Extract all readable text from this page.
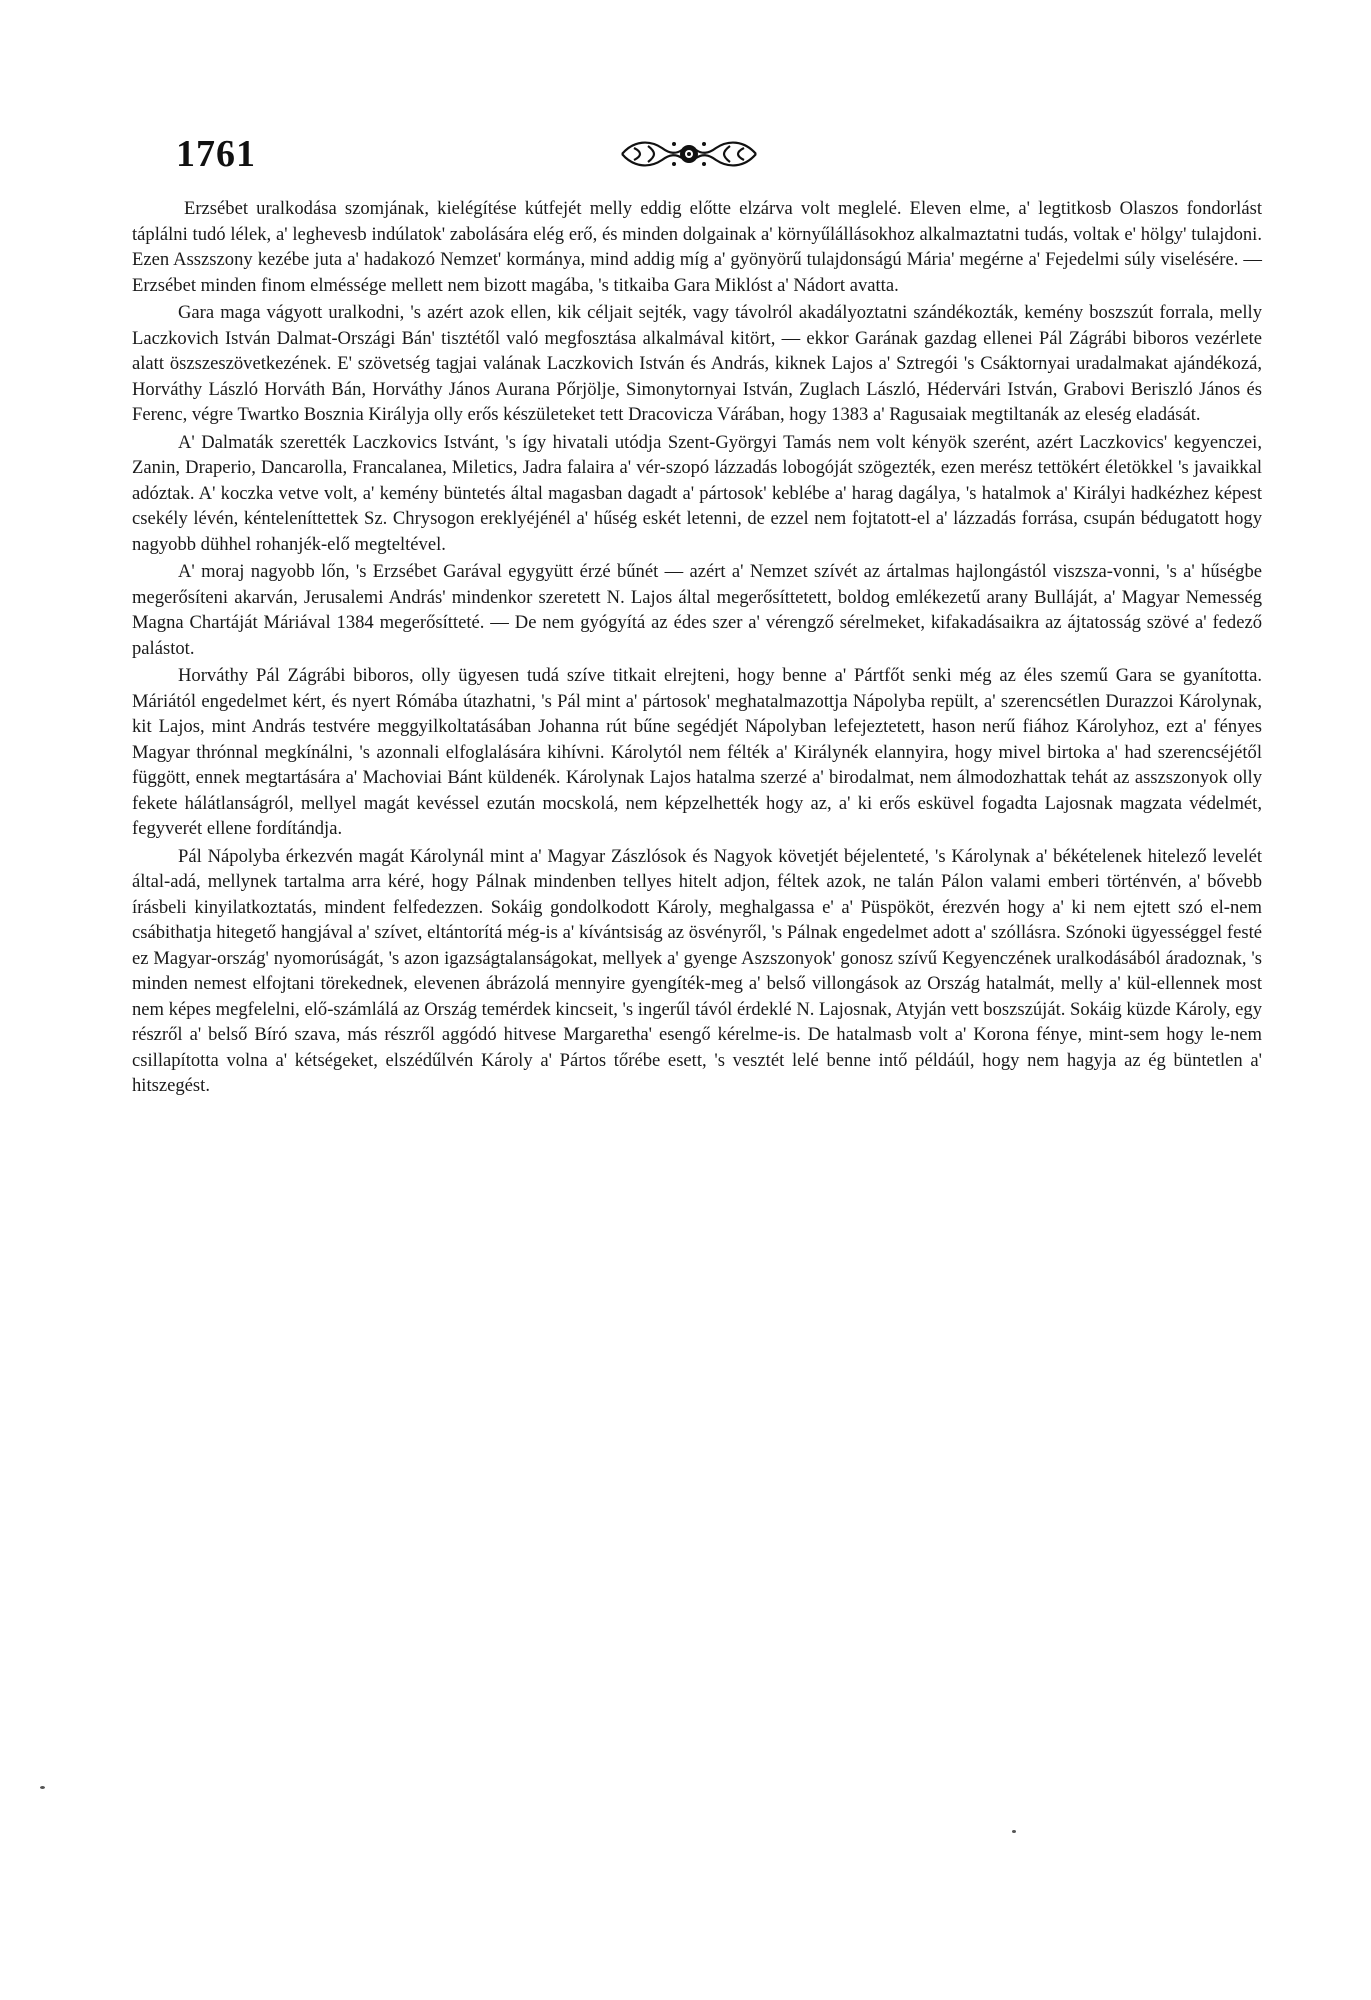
1761

Erzsébet uralkodása szomjának, kielégítése kútfejét melly eddig előtte elzárva volt meglelé. Eleven elme, a' legtitkosb Olaszos fondorlást táplálni tudó lélek, a' leghevesb indúlatok' zabolására elég erő, és minden dolgainak a' környűlállásokhoz alkalmaztatni tudás, voltak e' hölgy' tulajdoni. Ezen Asszszony kezébe juta a' hadakozó Nemzet' kormánya, mind addig míg a' gyönyörű tulajdonságú Mária' megérne a' Fejedelmi súly viselésére. — Erzsébet minden finom elméssége mellett nem bizott magába, 's titkaiba Gara Miklóst a' Nádort avatta.

Gara maga vágyott uralkodni, 's azért azok ellen, kik céljait sejték, vagy távolról akadályoztatni szándékozták, kemény boszszút forrala, melly Laczkovich István Dalmat-Országi Bán' tisztétől való megfosztása alkalmával kitört, — ekkor Garának gazdag ellenei Pál Zágrábi biboros vezérlete alatt öszszeszövetkezének. E' szövetség tagjai valának Laczkovich István és András, kiknek Lajos a' Sztregói 's Csáktornyai uradalmakat ajándékozá, Horváthy László Horváth Bán, Horváthy János Aurana Pőrjölje, Simonytornyai István, Zuglach László, Hédervári István, Grabovi Beriszló János és Ferenc, végre Twartko Bosznia Királyja olly erős készületeket tett Dracovicza Várában, hogy 1383 a' Ragusaiak megtiltanák az eleség eladását.

A' Dalmaták szerették Laczkovics Istvánt, 's így hivatali utódja Szent-Györgyi Tamás nem volt kényök szerént, azért Laczkovics' kegyenczei, Zanin, Draperio, Dancarolla, Francalanea, Miletics, Jadra falaira a' vér-szopó lázzadás lobogóját szögezték, ezen merész tettökért életökkel 's javaikkal adóztak. A' koczka vetve volt, a' kemény büntetés által magasban dagadt a' pártosok' keblébe a' harag dagálya, 's hatalmok a' Királyi hadkézhez képest csekély lévén, kénteleníttettek Sz. Chrysogon ereklyéjénél a' hűség eskét letenni, de ezzel nem fojtatott-el a' lázzadás forrása, csupán bédugatott hogy nagyobb dühhel rohanjék-elő megteltével.

A' moraj nagyobb lőn, 's Erzsébet Garával egygyütt érzé bűnét — azért a' Nemzet szívét az ártalmas hajlongástól viszsza-vonni, 's a' hűségbe megerősíteni akarván, Jerusalemi András' mindenkor szeretett N. Lajos által megerősíttetett, boldog emlékezetű arany Bulláját, a' Magyar Nemesség Magna Chartáját Máriával 1384 megerősítteté. — De nem gyógyítá az édes szer a' vérengző sérelmeket, kifakadásaikra az ájtatosság szövé a' fedező palástot.

Horváthy Pál Zágrábi biboros, olly ügyesen tudá szíve titkait elrejteni, hogy benne a' Pártfőt senki még az éles szemű Gara se gyanította. Máriától engedelmet kért, és nyert Rómába útazhatni, 's Pál mint a' pártosok' meghatalmazottja Nápolyba repült, a' szerencsétlen Durazzoi Károlynak, kit Lajos, mint András testvére meggyilkoltatásában Johanna rút bűne segédjét Nápolyban lefejeztetett, hason nerű fiához Károlyhoz, ezt a' fényes Magyar thrónnal megkínálni, 's azonnali elfoglalására kihívni. Károlytól nem félték a' Királynék elannyira, hogy mivel birtoka a' had szerencséjétől függött, ennek megtartására a' Machoviai Bánt küldenék. Károlynak Lajos hatalma szerzé a' birodalmat, nem álmodozhattak tehát az asszszonyok olly fekete hálátlanságról, mellyel magát kevéssel ezután mocskolá, nem képzelhették hogy az, a' ki erős esküvel fogadta Lajosnak magzata védelmét, fegyverét ellene fordítándja.

Pál Nápolyba érkezvén magát Károlynál mint a' Magyar Zászlósok és Nagyok követjét béjelenteté, 's Károlynak a' békételenek hitelező levelét által-adá, mellynek tartalma arra kéré, hogy Pálnak mindenben tellyes hitelt adjon, féltek azok, ne talán Pálon valami emberi történvén, a' bővebb írásbeli kinyilatkoztatás, mindent felfedezzen. Sokáig gondolkodott Károly, meghalgassa e' a' Püspököt, érezvén hogy a' ki nem ejtett szó el-nem csábithatja hitegető hangjával a' szívet, eltántorítá még-is a' kívántsiság az ösvényről, 's Pálnak engedelmet adott a' szóllásra. Szónoki ügyességgel festé ez Magyar-ország' nyomorúságát, 's azon igazságtalanságokat, mellyek a' gyenge Aszszonyok' gonosz szívű Kegyenczének uralkodásából áradoznak, 's minden nemest elfojtani törekednek, elevenen ábrázolá mennyire gyengíték-meg a' belső villongások az Ország hatalmát, melly a' kül-ellennek most nem képes megfelelni, elő-számlálá az Ország temérdek kincseit, 's ingerűl távól érdeklé N. Lajosnak, Atyján vett boszszúját. Sokáig küzde Károly, egy részről a' belső Bíró szava, más részről aggódó hitvese Margaretha' esengő kérelme-is. De hatalmasb volt a' Korona fénye, mint-sem hogy le-nem csillapította volna a' kétségeket, elszédűlvén Károly a' Pártos tőrébe esett, 's vesztét lelé benne intő példáúl, hogy nem hagyja az ég büntetlen a' hitszegést.
